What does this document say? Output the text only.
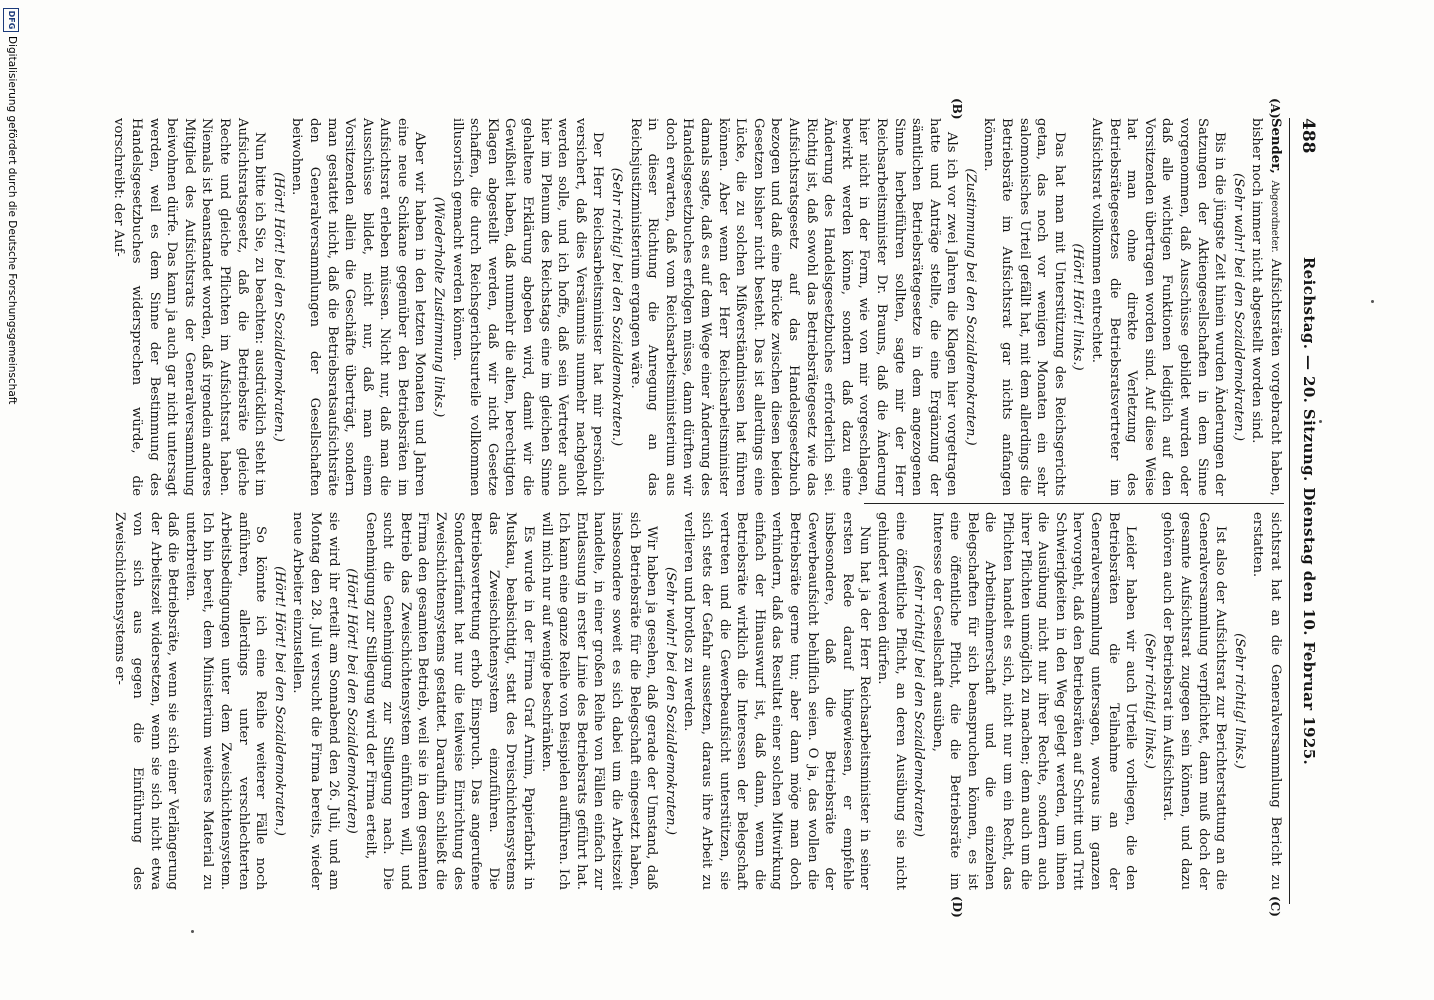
488
Reichstag. — 20. Sitzung. Dienstag den 10. Februar 1925.
(A)
(B)
(C)
(D)

Sender, Abgeordneter. Aufsichtsräten vorgebracht haben, bisher noch immer nicht abgestellt worden sind.

(Sehr wahr! bei den Sozialdemokraten.)

Bis in die jüngste Zeit hinein wurden Änderungen der Satzungen der Aktiengesellschaften in dem Sinne vorgenommen, daß Ausschüsse gebildet wurden oder daß alle wichtigen Funktionen lediglich auf den Vorsitzenden übertragen worden sind. Auf diese Weise hat man ohne direkte Verletzung des Betriebsrätegesetzes die Betriebsratsvertreter im Aufsichtsrat vollkommen entrechtet.

(Hört! Hört! links.)

Das hat man mit Unterstützung des Reichsgerichts getan, das noch vor wenigen Monaten ein sehr salomonisches Urteil gefällt hat, mit dem allerdings die Betriebsräte im Aufsichtsrat gar nichts anfangen können.

(Zustimmung bei den Sozialdemokraten.)

Als ich vor zwei Jahren die Klagen hier vorgetragen hatte und Anträge stellte, die eine Ergänzung der sämtlichen Betriebsrätegesetze in dem angezogenen Sinne herbeiführen sollten, sagte mir der Herr Reichsarbeitsminister Dr. Brauns, daß die Änderung hier nicht in der Form, wie von mir vorgeschlagen, bewirkt werden könne, sondern daß dazu eine Änderung des Handelsgesetzbuches erforderlich sei. Richtig ist, daß sowohl das Betriebsrätegesetz wie das Aufsichtsratsgesetz auf das Handelsgesetzbuch bezogen und daß eine Brücke zwischen diesen beiden Gesetzen bisher nicht besteht. Das ist allerdings eine Lücke, die zu solchen Mißverständnissen hat führen können. Aber wenn der Herr Reichsarbeitsminister damals sagte, daß es auf dem Wege einer Änderung des Handelsgesetzbuches erfolgen müsse, dann dürften wir doch erwarten, daß vom Reichsarbeitsministerium aus in dieser Richtung die Anregung an das Reichsjustizministerium ergangen wäre.

(Sehr richtig! bei den Sozialdemokraten.)

Der Herr Reichsarbeitsminister hat mir persönlich versichert, daß dies Versäumnis nunmehr nachgeholt werden solle, und ich hoffe, daß sein Vertreter auch hier im Plenum des Reichstags eine im gleichen Sinne gehaltene Erklärung abgeben wird, damit wir die Gewißheit haben, daß nunmehr die alten, berechtigten Klagen abgestellt werden, daß wir nicht Gesetze schaffen, die durch Reichsgerichtsurteile vollkommen illusorisch gemacht werden können.

(Wiederholte Zustimmung links.)

Aber wir haben in den letzten Monaten und Jahren eine neue Schikane gegenüber den Betriebsräten im Aufsichtsrat erleben müssen. Nicht nur, daß man die Ausschüsse bildet, nicht nur, daß man einem Vorsitzenden allein die Geschäfte überträgt, sondern man gestattet nicht, daß die Betriebsratsaufsichtsräte den Generalversammlungen der Gesellschaften beiwohnen.

(Hört! Hört! bei den Sozialdemokraten.)

Nun bitte ich Sie, zu beachten: ausdrücklich steht im Aufsichtsratsgesetz, daß die Betriebsräte gleiche Rechte und gleiche Pflichten im Aufsichtsrat haben. Niemals ist beanstandet worden, daß irgendein anderes Mitglied des Aufsichtsrats der Generalversammlung beiwohnen dürfe. Das kann ja auch gar nicht untersagt werden, weil es dem Sinne der Bestimmung des Handelsgesetzbuches widersprechen würde, die vorschreibt: der Auf-

sichtsrat hat an die Generalversammlung Bericht zu erstatten.

(Sehr richtig! links.)

Ist also der Aufsichtsrat zur Berichterstattung an die Generalversammlung verpflichtet, dann muß doch der gesamte Aufsichtsrat zugegen sein können, und dazu gehören auch der Betriebsrat im Aufsichtsrat.

(Sehr richtig! links.)

Leider haben wir auch Urteile vorliegen, die den Betriebsräten die Teilnahme an der Generalversammlung untersagen, woraus im ganzen hervorgeht, daß den Betriebsräten auf Schritt und Tritt Schwierigkeiten in den Weg gelegt werden, um ihnen die Ausübung nicht nur ihrer Rechte, sondern auch ihrer Pflichten unmöglich zu machen; denn auch um die Pflichten handelt es sich, nicht nur um ein Recht, das die Arbeitnehmerschaft und die einzelnen Belegschaften für sich beanspruchen können, es ist eine öffentliche Pflicht, die die Betriebsräte im Interesse der Gesellschaft ausüben,

(sehr richtig! bei den Sozialdemokraten)

eine öffentliche Pflicht, an deren Ausübung sie nicht gehindert werden dürfen.

Nun hat ja der Herr Reichsarbeitsminister in seiner ersten Rede darauf hingewiesen, er empfehle insbesondere, daß die Betriebsräte der Gewerbeaufsicht behilflich seien. O ja, das wollen die Betriebsräte gerne tun; aber dann möge man doch verhindern, daß das Resultat einer solchen Mitwirkung einfach der Hinauswurf ist, daß dann, wenn die Betriebsräte wirklich die Interessen der Belegschaft vertreten und die Gewerbeaufsicht unterstützen, sie sich stets der Gefahr aussetzen, daraus ihre Arbeit zu verlieren und brotlos zu werden.

(Sehr wahr! bei den Sozialdemokraten.)

Wir haben ja gesehen, daß gerade der Umstand, daß sich Betriebsräte für die Belegschaft eingesetzt haben, insbesondere soweit es sich dabei um die Arbeitszeit handelte, in einer großen Reihe von Fällen einfach zur Entlassung in erster Linie des Betriebsrats geführt hat. Ich kann eine ganze Reihe von Beispielen aufführen. Ich will mich nur auf wenige beschränken.

Es wurde in der Firma Graf Arnim, Papierfabrik in Muskau, beabsichtigt, statt des Dreischichtensystems das Zweischichtensystem einzuführen. Die Betriebsvertretung erhob Einspruch. Das angerufene Sondertarifamt hat nur die teilweise Einrichtung des Zweischichtensystems gestattet. Daraufhin schließt die Firma den gesamten Betrieb, weil sie in dem gesamten Betrieb das Zweischichtensystem einführen will, und sucht die Genehmigung zur Stillegung nach. Die Genehmigung zur Stillegung wird der Firma erteilt,

(Hört! Hört! bei den Sozialdemokraten)

sie wird ihr erteilt am Sonnabend den 26. Juli, und am Montag den 28. Juli versucht die Firma bereits, wieder neue Arbeiter einzustellen.

(Hört! Hört! bei den Sozialdemokraten.)

So könnte ich eine Reihe weiterer Fälle noch anführen, allerdings unter verschlechterten Arbeitsbedingungen unter dem Zweischichtensystem. Ich bin bereit, dem Ministerium weiteres Material zu unterbreiten.

daß die Betriebsräte, wenn sie sich einer Verlängerung der Arbeitszeit widersetzen, wenn sie sich nicht etwa von sich aus gegen die Einführung des Zweischichtensystems er-

DFG
Digitalisierung gefördert durch die Deutsche Forschungsgemeinschaft
